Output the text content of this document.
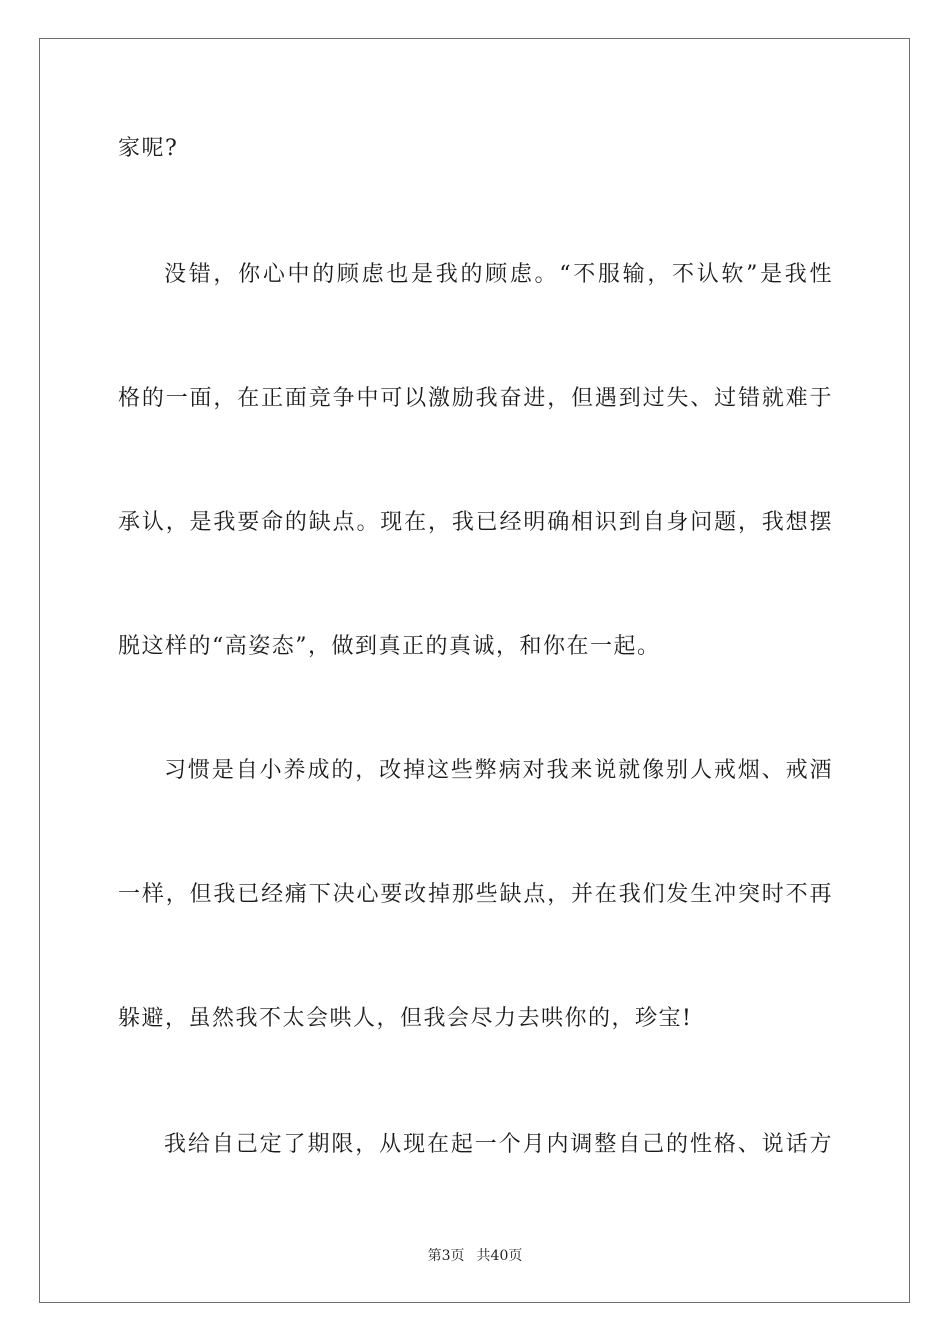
家呢?
没错，你心中的顾虑也是我的顾虑。“不服输，不认软”是我性
格的一面，在正面竞争中可以激励我奋进，但遇到过失、过错就难于
承认，是我要命的缺点。现在，我已经明确相识到自身问题，我想摆
脱这样的“高姿态”，做到真正的真诚，和你在一起。
习惯是自小养成的，改掉这些弊病对我来说就像别人戒烟、戒酒
一样，但我已经痛下决心要改掉那些缺点，并在我们发生冲突时不再
躲避，虽然我不太会哄人，但我会尽力去哄你的，珍宝!
我给自己定了期限，从现在起一个月内调整自己的性格、说话方
第3页 共40页
